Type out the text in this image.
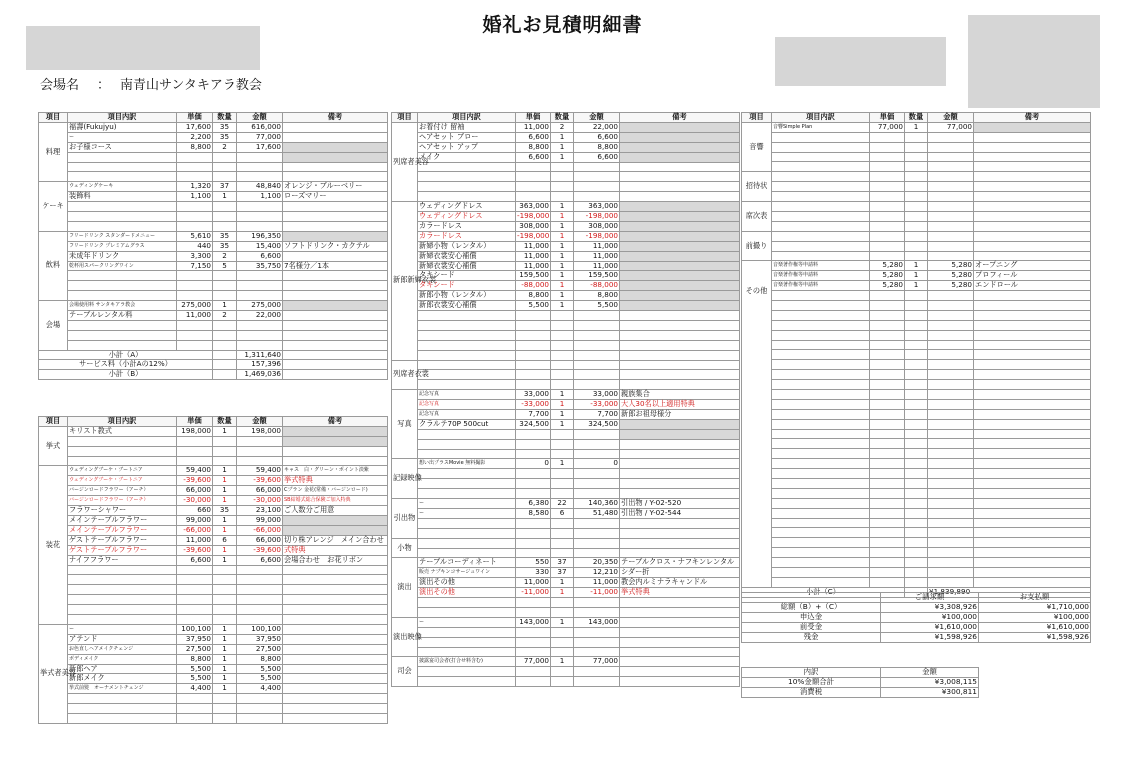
婚礼お見積明細書
会場名 ： 南青山サンタキアラ教会
項目	項目内訳	単価	数量	金額	備考
料理	福壽(Fukujyu)	17,600	35	616,000	
	ー	2,200	35	77,000	
	お子様コース	8,800	2	17,600	

ケーキ	ウェディングケーキ	1,320	37	48,840	オレンジ・ブルーベリー
	装飾料	1,100	1	1,100	ローズマリー

飲料	フリードリンク スタンダードメニュー	5,610	35	196,350	
	フリードリンク プレミアムグラス	440	35	15,400	ソフトドリンク・カクテル
	未成年ドリンク	3,300	2	6,600	
	乾杯用スパークリングワイン	7,150	5	35,750	7名様分／1本

会場	会場使用料 サンタキアラ教会	275,000	1	275,000	
	テーブルレンタル料	11,000	2	22,000	

小計（A）				1,311,640	
サービス料（小計Aの12%）				157,396	
小計（B）				1,469,036	
項目	項目内訳	単価	数量	金額	備考
挙式	キリスト教式	198,000	1	198,000	

装花	ウェディングブーケ・ブートニア	59,400	1	59,400	キャス　白・グリーン・ポイント淡紫
	ウェディングブーケ・ブートニア	-39,600	1	-39,600	挙式特典
	バージンロードフラワー（アーチ）	66,000	1	66,000	Cプラン 金花(常備・バージンロード)
	バージンロードフラワー（アーチ）	-30,000	1	-30,000	SB結婚式総合保険ご加入特典
	フラワーシャワー	660	35	23,100	ご人数分ご用意
	メインテーブルフラワー	99,000	1	99,000	
	メインテーブルフラワー	-66,000	1	-66,000	
	ゲストテーブルフラワー	11,000	6	66,000	切り株アレンジ　メイン合わせ
	ゲストテーブルフラワー	-39,600	1	-39,600	式特典
	ナイフフラワー	6,600	1	6,600	会場合わせ　お花リボン

挙式者美容	ー	100,100	1	100,100	
	アテンド	37,950	1	37,950	
	お色直しヘアメイクチェンジ	27,500	1	27,500	
	ボディメイク	8,800	1	8,800	
	新郎ヘア	5,500	1	5,500	
	新郎メイク	5,500	1	5,500	
	挙式前髪　オーナメントチェンジ	4,400	1	4,400	

項目	項目内訳	単価	数量	金額	備考
列席者美容	お着付け 留袖	11,000	2	22,000	
	ヘアセット ブロー	6,600	1	6,600	
	ヘアセット アップ	8,800	1	8,800	
	メイク	6,600	1	6,600	

新郎新婦衣裳	ウェディングドレス	363,000	1	363,000	
	ウェディングドレス	-198,000	1	-198,000	
	カラードレス	308,000	1	308,000	
	カラードレス	-198,000	1	-198,000	
	新婦小物（レンタル）	11,000	1	11,000	
	新婦衣裳安心補償	11,000	1	11,000	
	新婦衣裳安心補償	11,000	1	11,000	
	タキシード	159,500	1	159,500	
	タキシード	-88,000	1	-88,000	
	新郎小物（レンタル）	8,800	1	8,800	
	新郎衣裳安心補償	5,500	1	5,500	

列席者衣裳					

写真	記念写真	33,000	1	33,000	親族集合
	記念写真	-33,000	1	-33,000	大人30名以上適用特典
	記念写真	7,700	1	7,700	新郎お祖母様分
	クラルテ70P 500cut	324,500	1	324,500	

記録映像	想い出プラスMovie 無料撮影	0	1	0	

引出物	ー	6,380	22	140,360	引出物 / Y-02-520
	ー	8,580	6	51,480	引出物 / Y-02-544

小物					

演出	テーブルコーディネート	550	37	20,350	テーブルクロス・ナフキンレンタル
	販売 ナプキンコサージュワイン	330	37	12,210	シダー折
	演出その他	11,000	1	11,000	教会内ルミナラキャンドル
	演出その他	-11,000	1	-11,000	挙式特典

演出映像	ー	143,000	1	143,000	

司会	披露宴司会者(打合せ料含む)	77,000	1	77,000	

項目	項目内訳	単価	数量	金額	備考
音響	音響Simple Plan	77,000	1	77,000	

招待状					

席次表					

前撮り					

その他	音楽著作権等申請料	5,280	1	5,280	オープニング
	音楽著作権等申請料	5,280	1	5,280	プロフィール
	音楽著作権等申請料	5,280	1	5,280	エンドロール

小計（C）				¥1,839,890	
	ご請求額	お支払額
総額（B）+（C）	¥3,308,926	¥1,710,000
申込金	¥100,000	¥100,000
前受金	¥1,610,000	¥1,610,000
残金	¥1,598,926	¥1,598,926
内訳	金額	
10%金額合計	¥3,008,115	
消費税	¥300,811	
